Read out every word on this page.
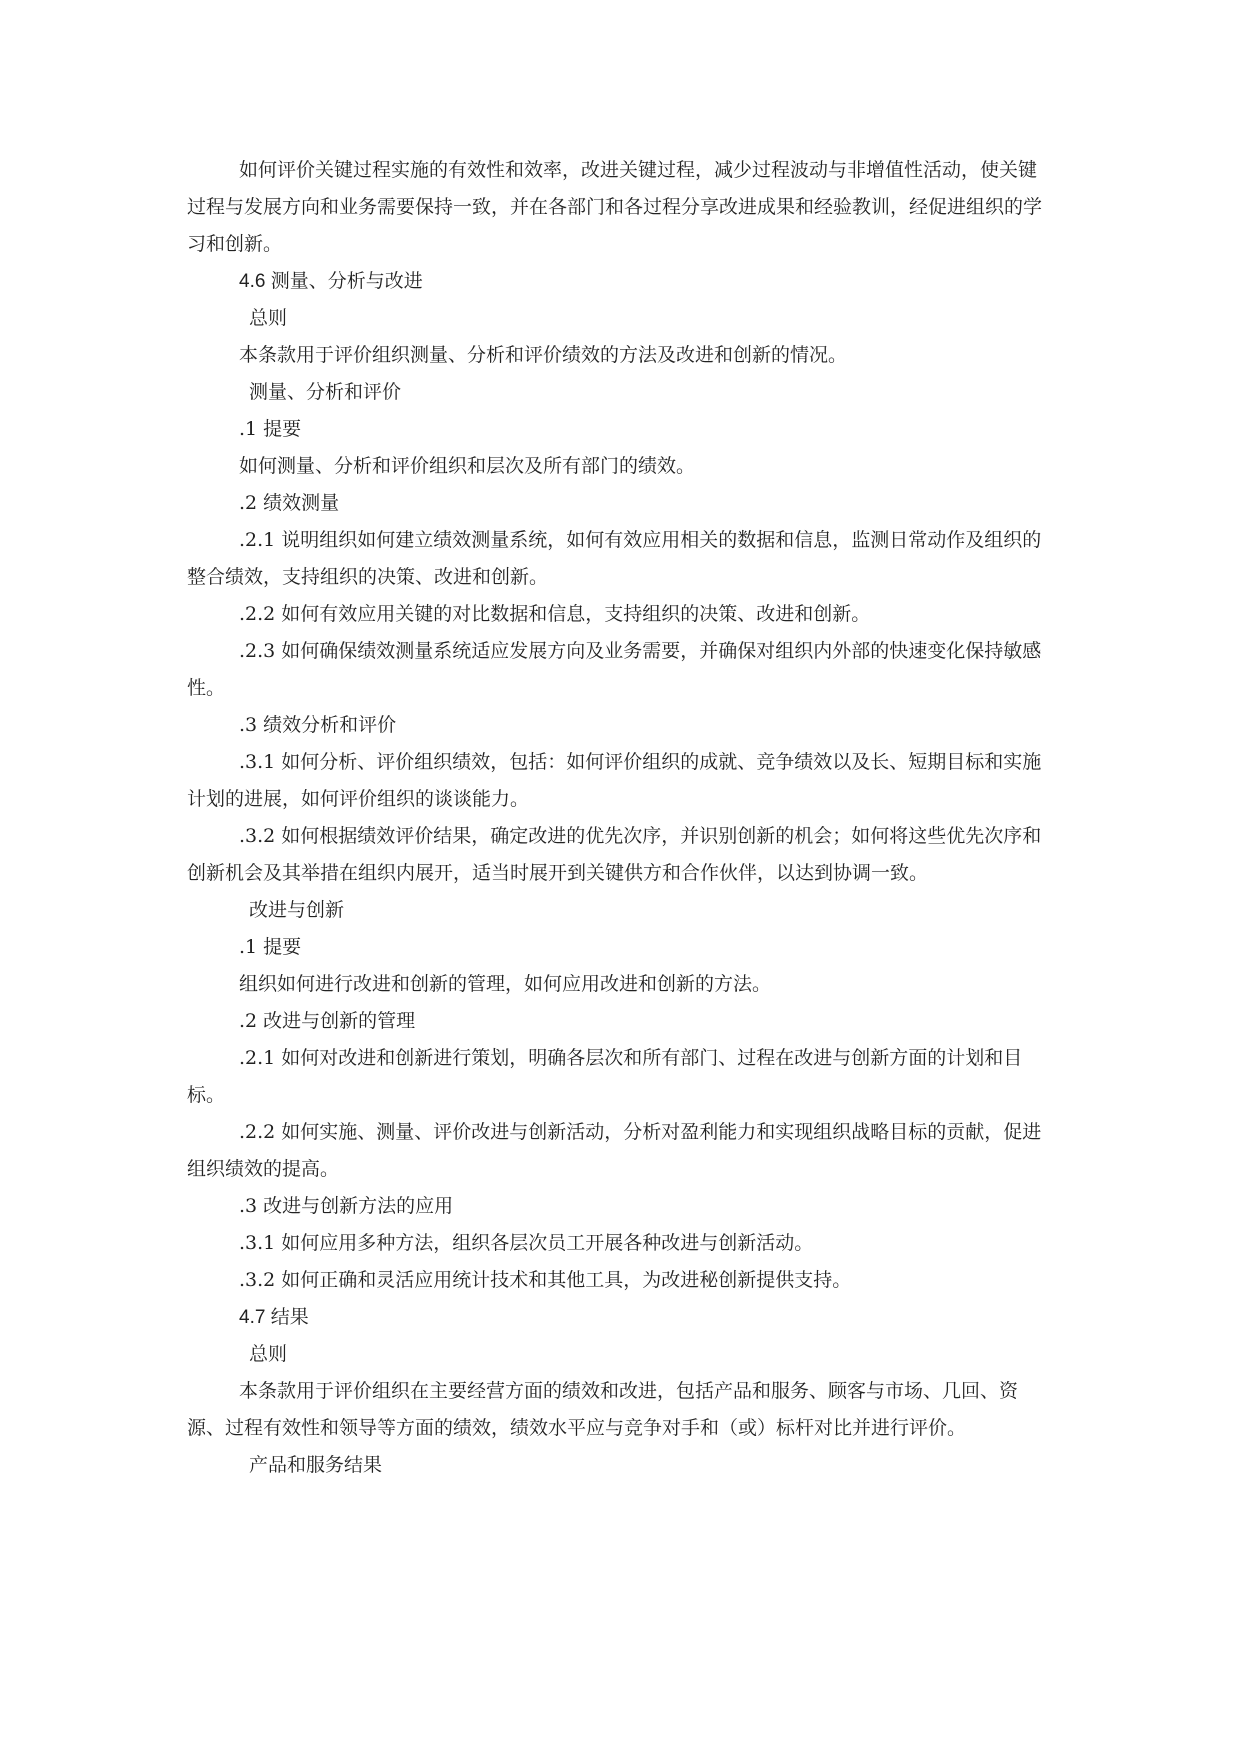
如何评价关键过程实施的有效性和效率，改进关键过程，减少过程波动与非增值性活动，使关键过程与发展方向和业务需要保持一致，并在各部门和各过程分享改进成果和经验教训，经促进组织的学习和创新。

4.6 测量、分析与改进

总则

本条款用于评价组织测量、分析和评价绩效的方法及改进和创新的情况。

测量、分析和评价

.1 提要

如何测量、分析和评价组织和层次及所有部门的绩效。

.2 绩效测量

.2.1 说明组织如何建立绩效测量系统，如何有效应用相关的数据和信息，监测日常动作及组织的整合绩效，支持组织的决策、改进和创新。

.2.2 如何有效应用关键的对比数据和信息，支持组织的决策、改进和创新。

.2.3 如何确保绩效测量系统适应发展方向及业务需要，并确保对组织内外部的快速变化保持敏感性。

.3 绩效分析和评价

.3.1 如何分析、评价组织绩效，包括：如何评价组织的成就、竞争绩效以及长、短期目标和实施计划的进展，如何评价组织的谈谈能力。

.3.2 如何根据绩效评价结果，确定改进的优先次序，并识别创新的机会；如何将这些优先次序和创新机会及其举措在组织内展开，适当时展开到关键供方和合作伙伴，以达到协调一致。

改进与创新

.1 提要

组织如何进行改进和创新的管理，如何应用改进和创新的方法。

.2 改进与创新的管理

.2.1 如何对改进和创新进行策划，明确各层次和所有部门、过程在改进与创新方面的计划和目标。

.2.2 如何实施、测量、评价改进与创新活动，分析对盈利能力和实现组织战略目标的贡献，促进组织绩效的提高。

.3 改进与创新方法的应用

.3.1 如何应用多种方法，组织各层次员工开展各种改进与创新活动。

.3.2 如何正确和灵活应用统计技术和其他工具，为改进秘创新提供支持。

4.7 结果

总则

本条款用于评价组织在主要经营方面的绩效和改进，包括产品和服务、顾客与市场、几回、资源、过程有效性和领导等方面的绩效，绩效水平应与竞争对手和（或）标杆对比并进行评价。

产品和服务结果
